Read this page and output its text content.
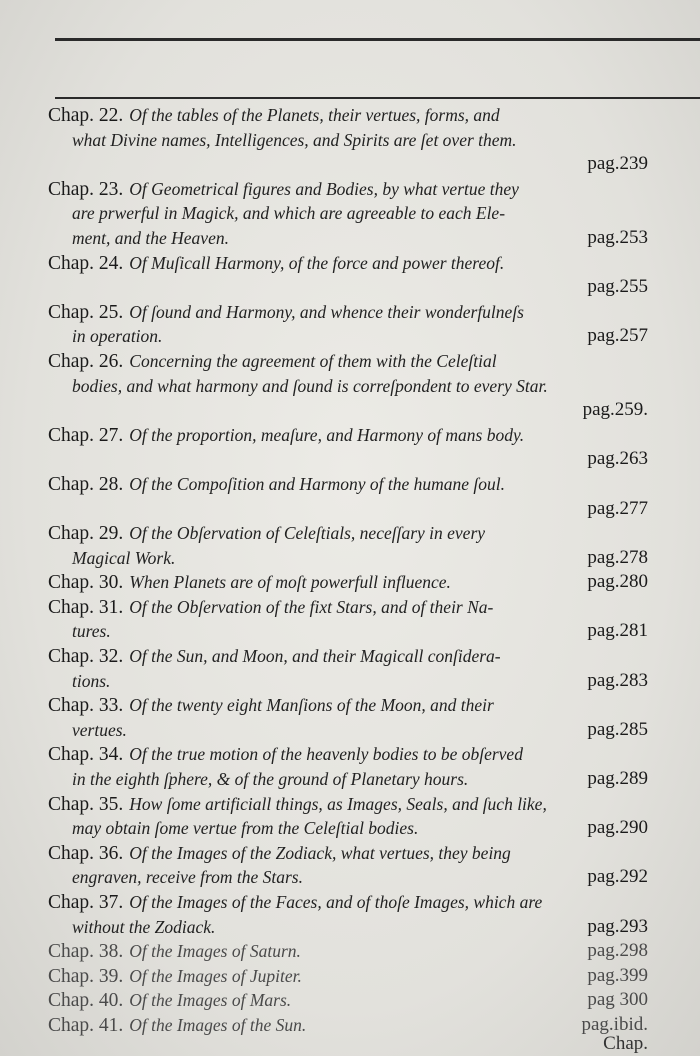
Chap. 22. Of the tables of the Planets, their vertues, forms, and
what Divine names, Intelligences, and Spirits are ſet over them.
pag.239
Chap. 23. Of Geometrical figures and Bodies, by what vertue they
are prwerful in Magick, and which are agreeable to each Ele-
ment, and the Heaven.	pag.253
Chap. 24. Of Muſicall Harmony, of the force and power thereof.
pag.255
Chap. 25. Of ſound and Harmony, and whence their wonderfulneſs
in operation.	pag.257
Chap. 26. Concerning the agreement of them with the Celeſtial
bodies, and what harmony and ſound is correſpondent to every Star.
pag.259.
Chap. 27. Of the proportion, meaſure, and Harmony of mans body.
pag.263
Chap. 28. Of the Compoſition and Harmony of the humane ſoul.
pag.277
Chap. 29. Of the Obſervation of Celeſtials, neceſſary in every
Magical Work.	pag.278
Chap. 30. When Planets are of moſt powerfull influence.	pag.280
Chap. 31. Of the Obſervation of the fixt Stars, and of their Na-
tures.	pag.281
Chap. 32. Of the Sun, and Moon, and their Magicall conſidera-
tions.	pag.283
Chap. 33. Of the twenty eight Manſions of the Moon, and their
vertues.	pag.285
Chap. 34. Of the true motion of the heavenly bodies to be obſerved
in the eighth ſphere, & of the ground of Planetary hours.	pag.289
Chap. 35. How ſome artificiall things, as Images, Seals, and ſuch like,
may obtain ſome vertue from the Celeſtial bodies.	pag.290
Chap. 36. Of the Images of the Zodiack, what vertues, they being
engraven, receive from the Stars.	pag.292
Chap. 37. Of the Images of the Faces, and of thoſe Images, which are
without the Zodiack.	pag.293
Chap. 38. Of the Images of Saturn.	pag.298
Chap. 39. Of the Images of Jupiter.	pag.399
Chap. 40. Of the Images of Mars.	pag 300
Chap. 41. Of the Images of the Sun.	pag.ibid.
Chap.
